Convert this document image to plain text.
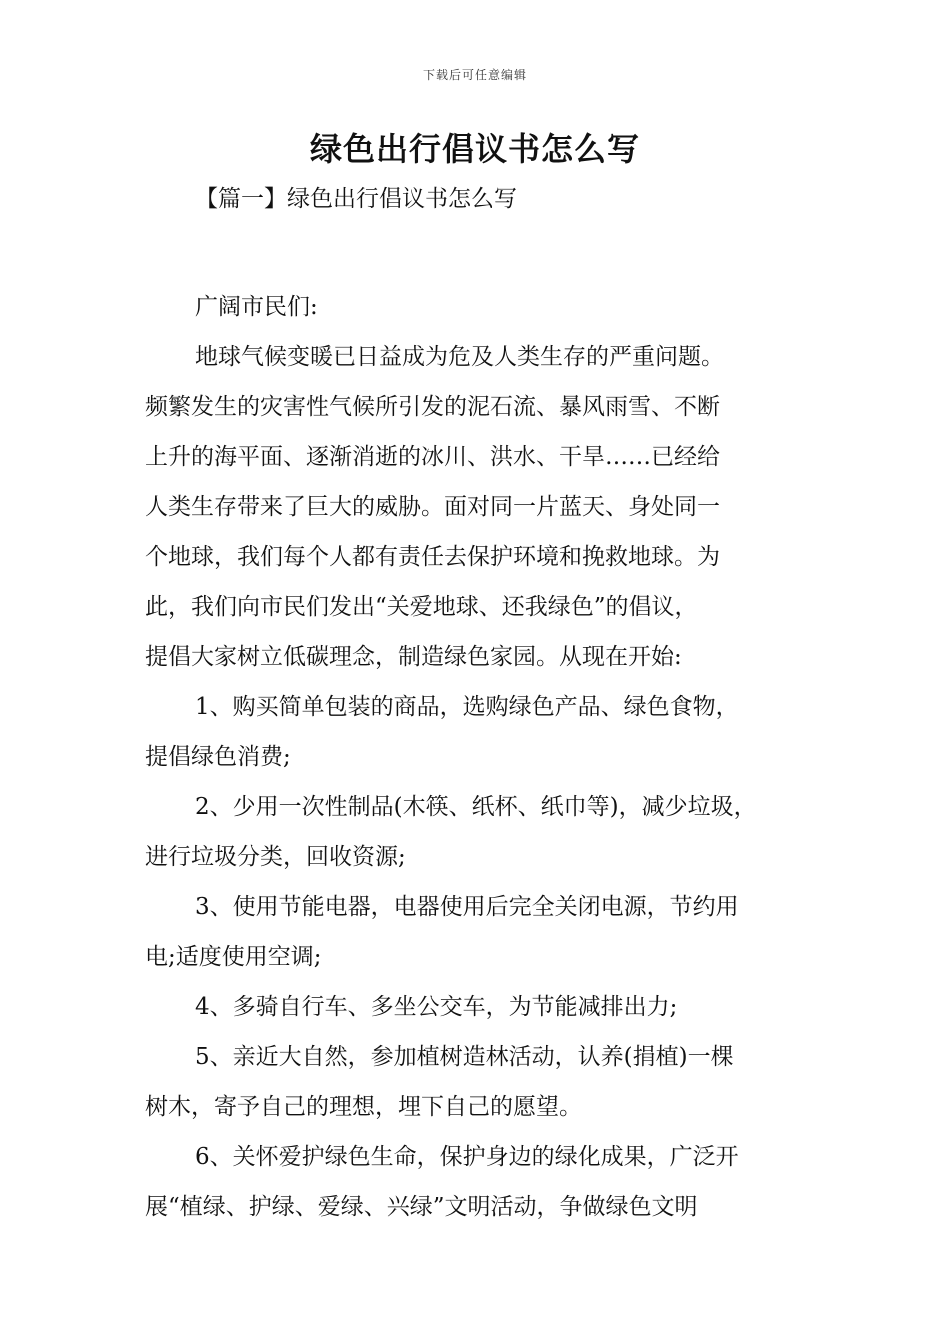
下载后可任意编辑
绿色出行倡议书怎么写
【篇一】绿色出行倡议书怎么写
广阔市民们:
地球气候变暖已日益成为危及人类生存的严重问题。
频繁发生的灾害性气候所引发的泥石流、暴风雨雪、不断
上升的海平面、逐渐消逝的冰川、洪水、干旱……已经给
人类生存带来了巨大的威胁。面对同一片蓝天、身处同一
个地球，我们每个人都有责任去保护环境和挽救地球。为
此，我们向市民们发出“关爱地球、还我绿色”的倡议，
提倡大家树立低碳理念，制造绿色家园。从现在开始:
1、购买简单包装的商品，选购绿色产品、绿色食物，
提倡绿色消费;
2、少用一次性制品(木筷、纸杯、纸巾等)，减少垃圾，
进行垃圾分类，回收资源;
3、使用节能电器，电器使用后完全关闭电源，节约用
电;适度使用空调;
4、多骑自行车、多坐公交车，为节能减排出力;
5、亲近大自然，参加植树造林活动，认养(捐植)一棵
树木，寄予自己的理想，埋下自己的愿望。
6、关怀爱护绿色生命，保护身边的绿化成果，广泛开
展“植绿、护绿、爱绿、兴绿”文明活动，争做绿色文明
